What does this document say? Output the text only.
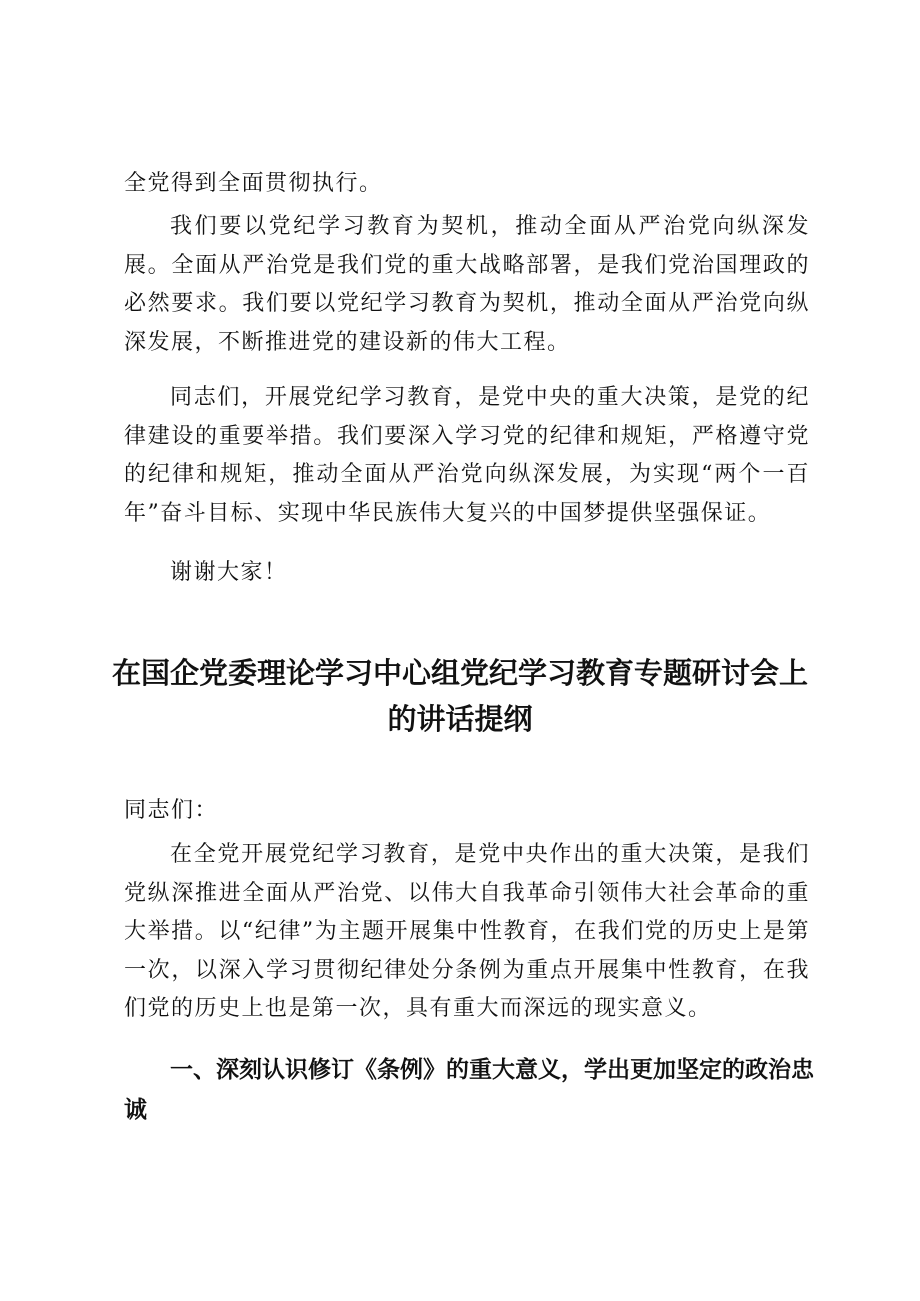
全党得到全面贯彻执行。

我们要以党纪学习教育为契机，推动全面从严治党向纵深发展。全面从严治党是我们党的重大战略部署，是我们党治国理政的必然要求。我们要以党纪学习教育为契机，推动全面从严治党向纵深发展，不断推进党的建设新的伟大工程。

同志们，开展党纪学习教育，是党中央的重大决策，是党的纪律建设的重要举措。我们要深入学习党的纪律和规矩，严格遵守党的纪律和规矩，推动全面从严治党向纵深发展，为实现“两个一百年”奋斗目标、实现中华民族伟大复兴的中国梦提供坚强保证。

谢谢大家！

在国企党委理论学习中心组党纪学习教育专题研讨会上的讲话提纲

同志们：

在全党开展党纪学习教育，是党中央作出的重大决策，是我们党纵深推进全面从严治党、以伟大自我革命引领伟大社会革命的重大举措。以“纪律”为主题开展集中性教育，在我们党的历史上是第一次，以深入学习贯彻纪律处分条例为重点开展集中性教育，在我们党的历史上也是第一次，具有重大而深远的现实意义。

一、深刻认识修订《条例》的重大意义，学出更加坚定的政治忠诚
